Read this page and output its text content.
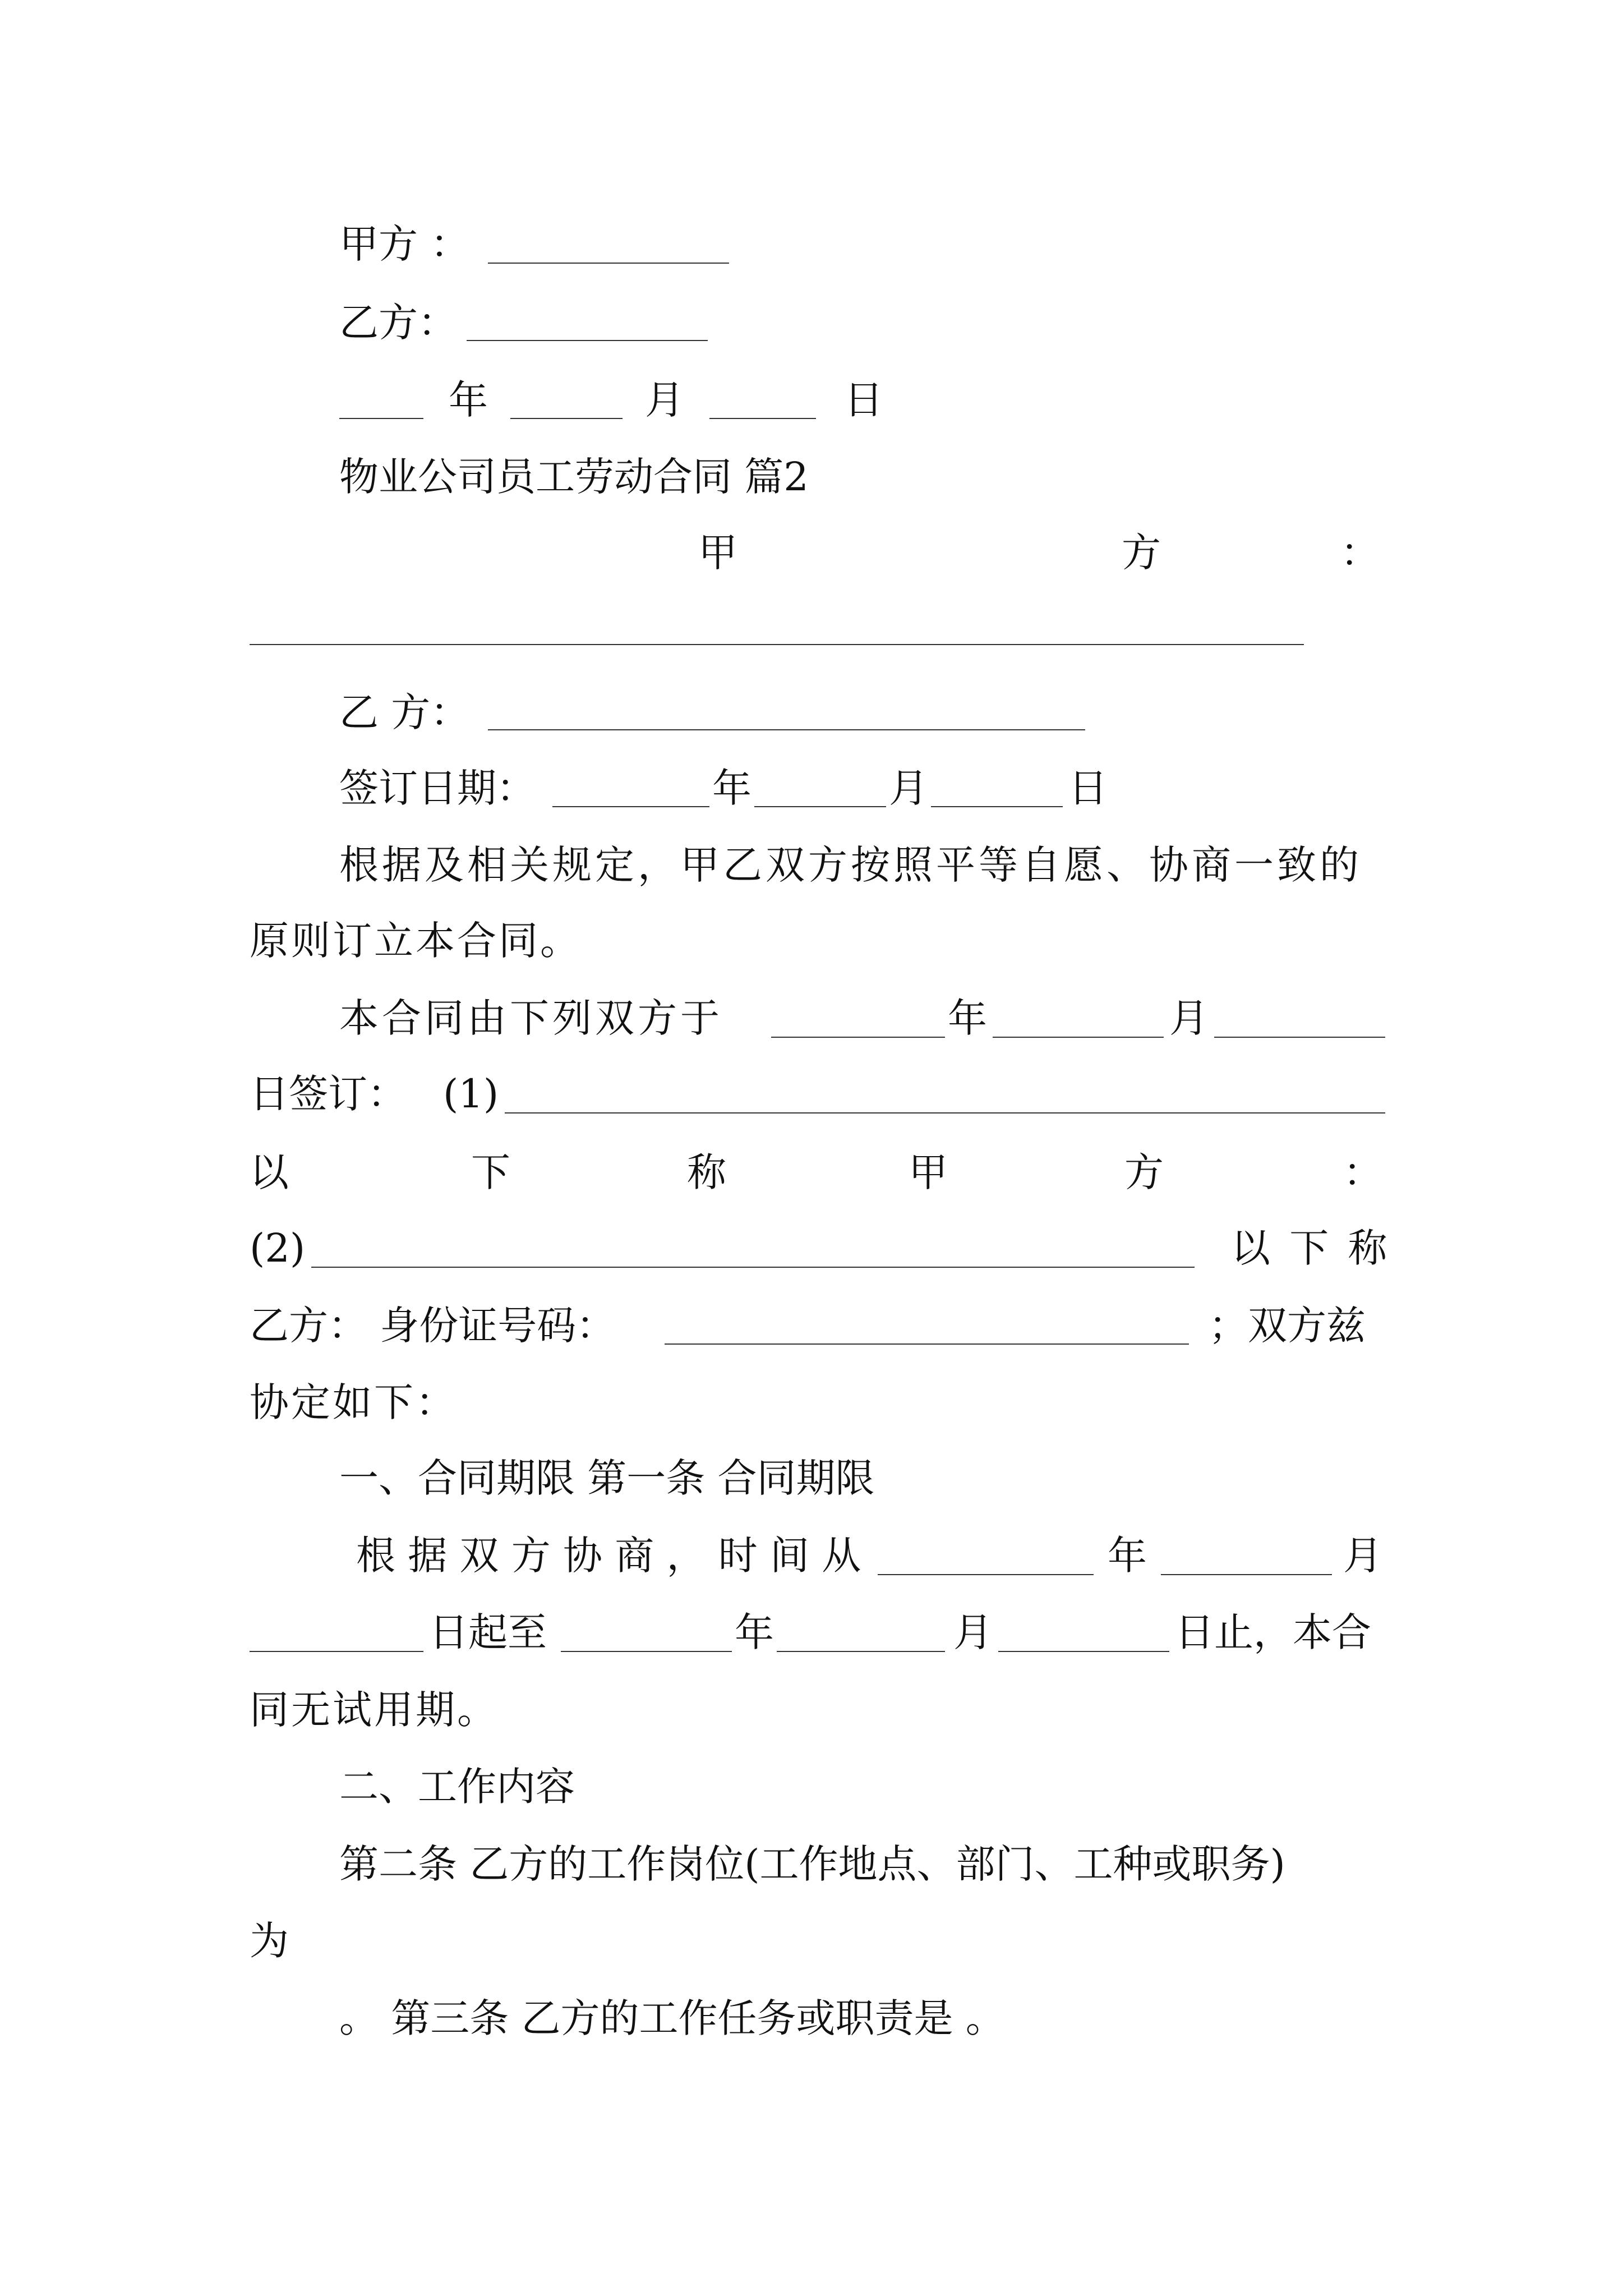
甲方 ：
乙方：
年	月	日
物业公司员工劳动合同 篇2
甲	方	：
乙 方：
签订日期：	年	月	日
根据及相关规定，甲乙双方按照平等自愿、协商一致的
原则订立本合同。
本合同由下列双方于	年	月
日签订： (1)
以	下	称	甲	方	：
(2)	以 下 称
乙方： 身份证号码：	；双方兹
协定如下：
一、合同期限 第一条 合同期限
根 据 双 方 协 商 ， 时 间 从	年	月
日起至	年	月	日止，本合
同无试用期。
二、工作内容
第二条 乙方的工作岗位(工作地点、部门、工种或职务)
为
。 第三条 乙方的工作任务或职责是 。
